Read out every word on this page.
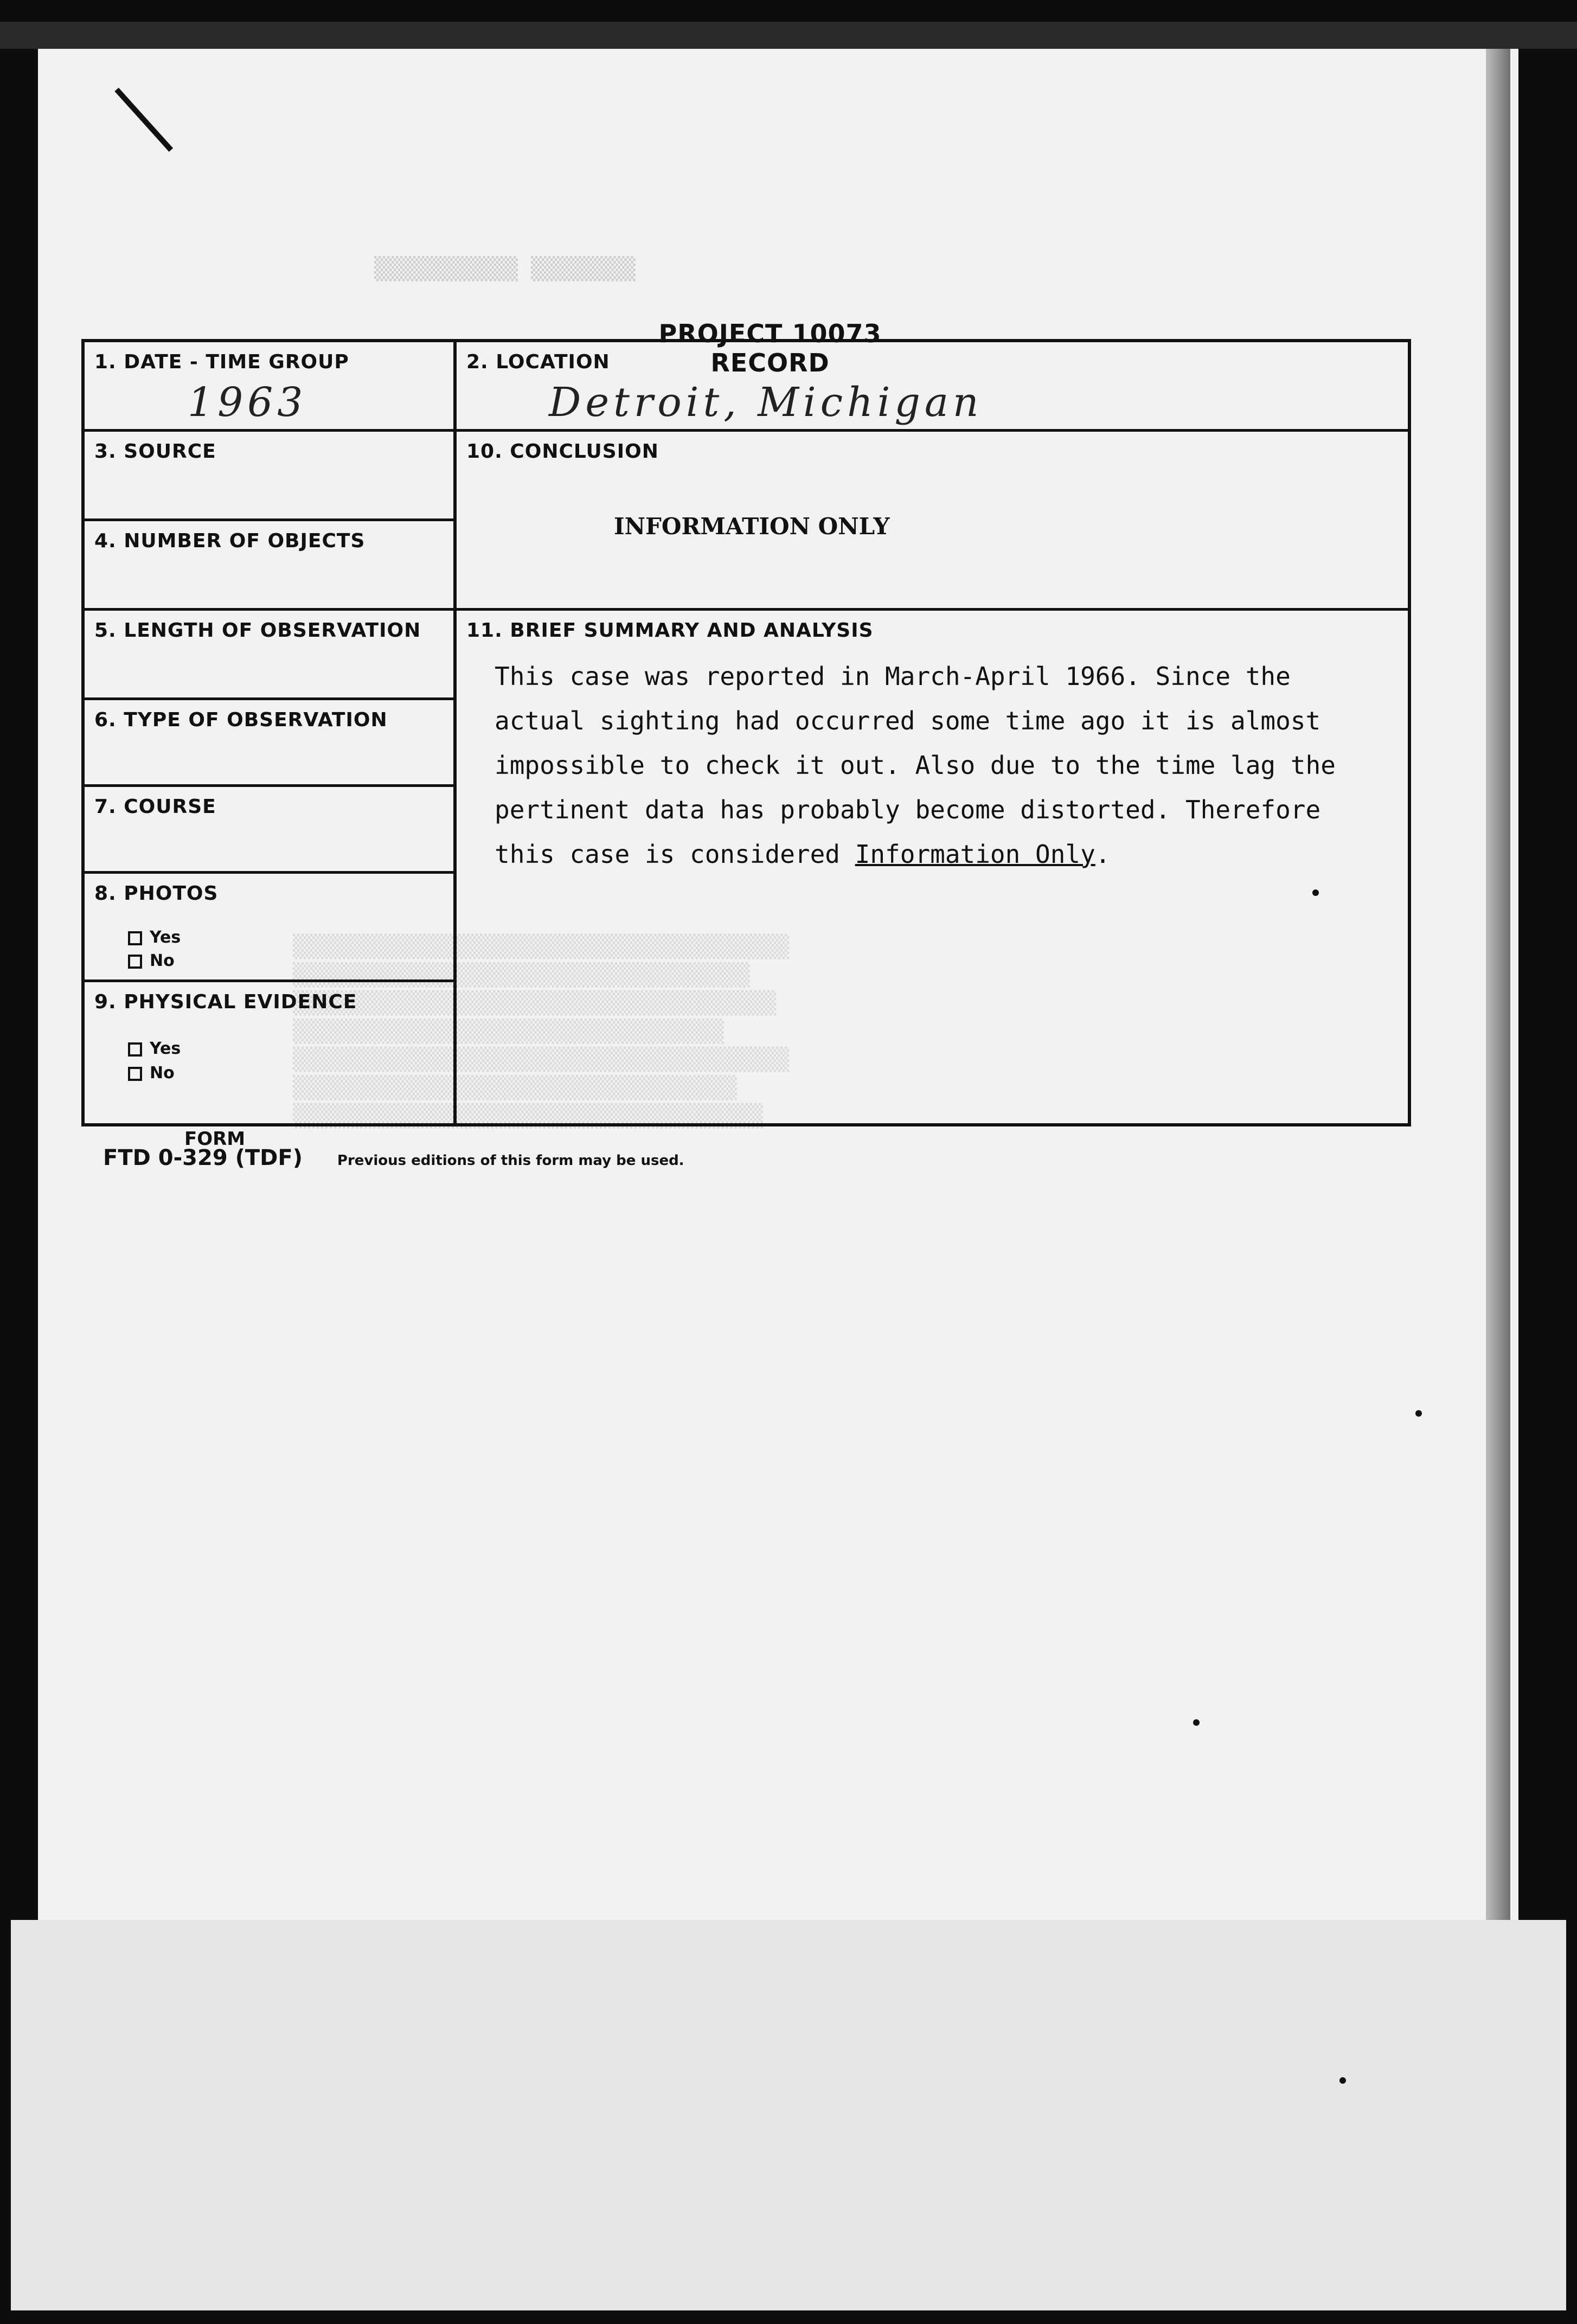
▒▒▒▒▒▒▒▒▒▒▒ ▒▒▒▒▒▒▒▒
▒▒▒▒▒▒▒▒▒▒▒▒▒▒▒▒▒▒▒▒▒▒▒▒▒▒▒▒▒▒▒▒▒▒▒▒▒▒
▒▒▒▒▒▒▒▒▒▒▒▒▒▒▒▒▒▒▒▒▒▒▒▒▒▒▒▒▒▒▒▒▒▒▒
▒▒▒▒▒▒▒▒▒▒▒▒▒▒▒▒▒▒▒▒▒▒▒▒▒▒▒▒▒▒▒▒▒▒▒▒▒
▒▒▒▒▒▒▒▒▒▒▒▒▒▒▒▒▒▒▒▒▒▒▒▒▒▒▒▒▒▒▒▒▒
▒▒▒▒▒▒▒▒▒▒▒▒▒▒▒▒▒▒▒▒▒▒▒▒▒▒▒▒▒▒▒▒▒▒▒▒▒▒
▒▒▒▒▒▒▒▒▒▒▒▒▒▒▒▒▒▒▒▒▒▒▒▒▒▒▒▒▒▒▒▒▒▒
▒▒▒▒▒▒▒▒▒▒▒▒▒▒▒▒▒▒▒▒▒▒▒▒▒▒▒▒▒▒▒▒▒▒▒▒
PROJECT 10073 RECORD
1. DATE - TIME GROUP
1963
3. SOURCE
4. NUMBER OF OBJECTS
5. LENGTH OF OBSERVATION
6. TYPE OF OBSERVATION
7. COURSE
8. PHOTOS
Yes
No
9. PHYSICAL EVIDENCE
Yes
No
2. LOCATION
Detroit, Michigan
10. CONCLUSION
INFORMATION ONLY
11. BRIEF SUMMARY AND ANALYSIS
This case was reported in March-April 1966. Since the actual sighting had occurred some time ago it is almost impossible to check it out. Also due to the time lag the pertinent data has probably become distorted. Therefore this case is considered Information Only.
FORM
FTD 0-329 (TDF) Previous editions of this form may be used.
